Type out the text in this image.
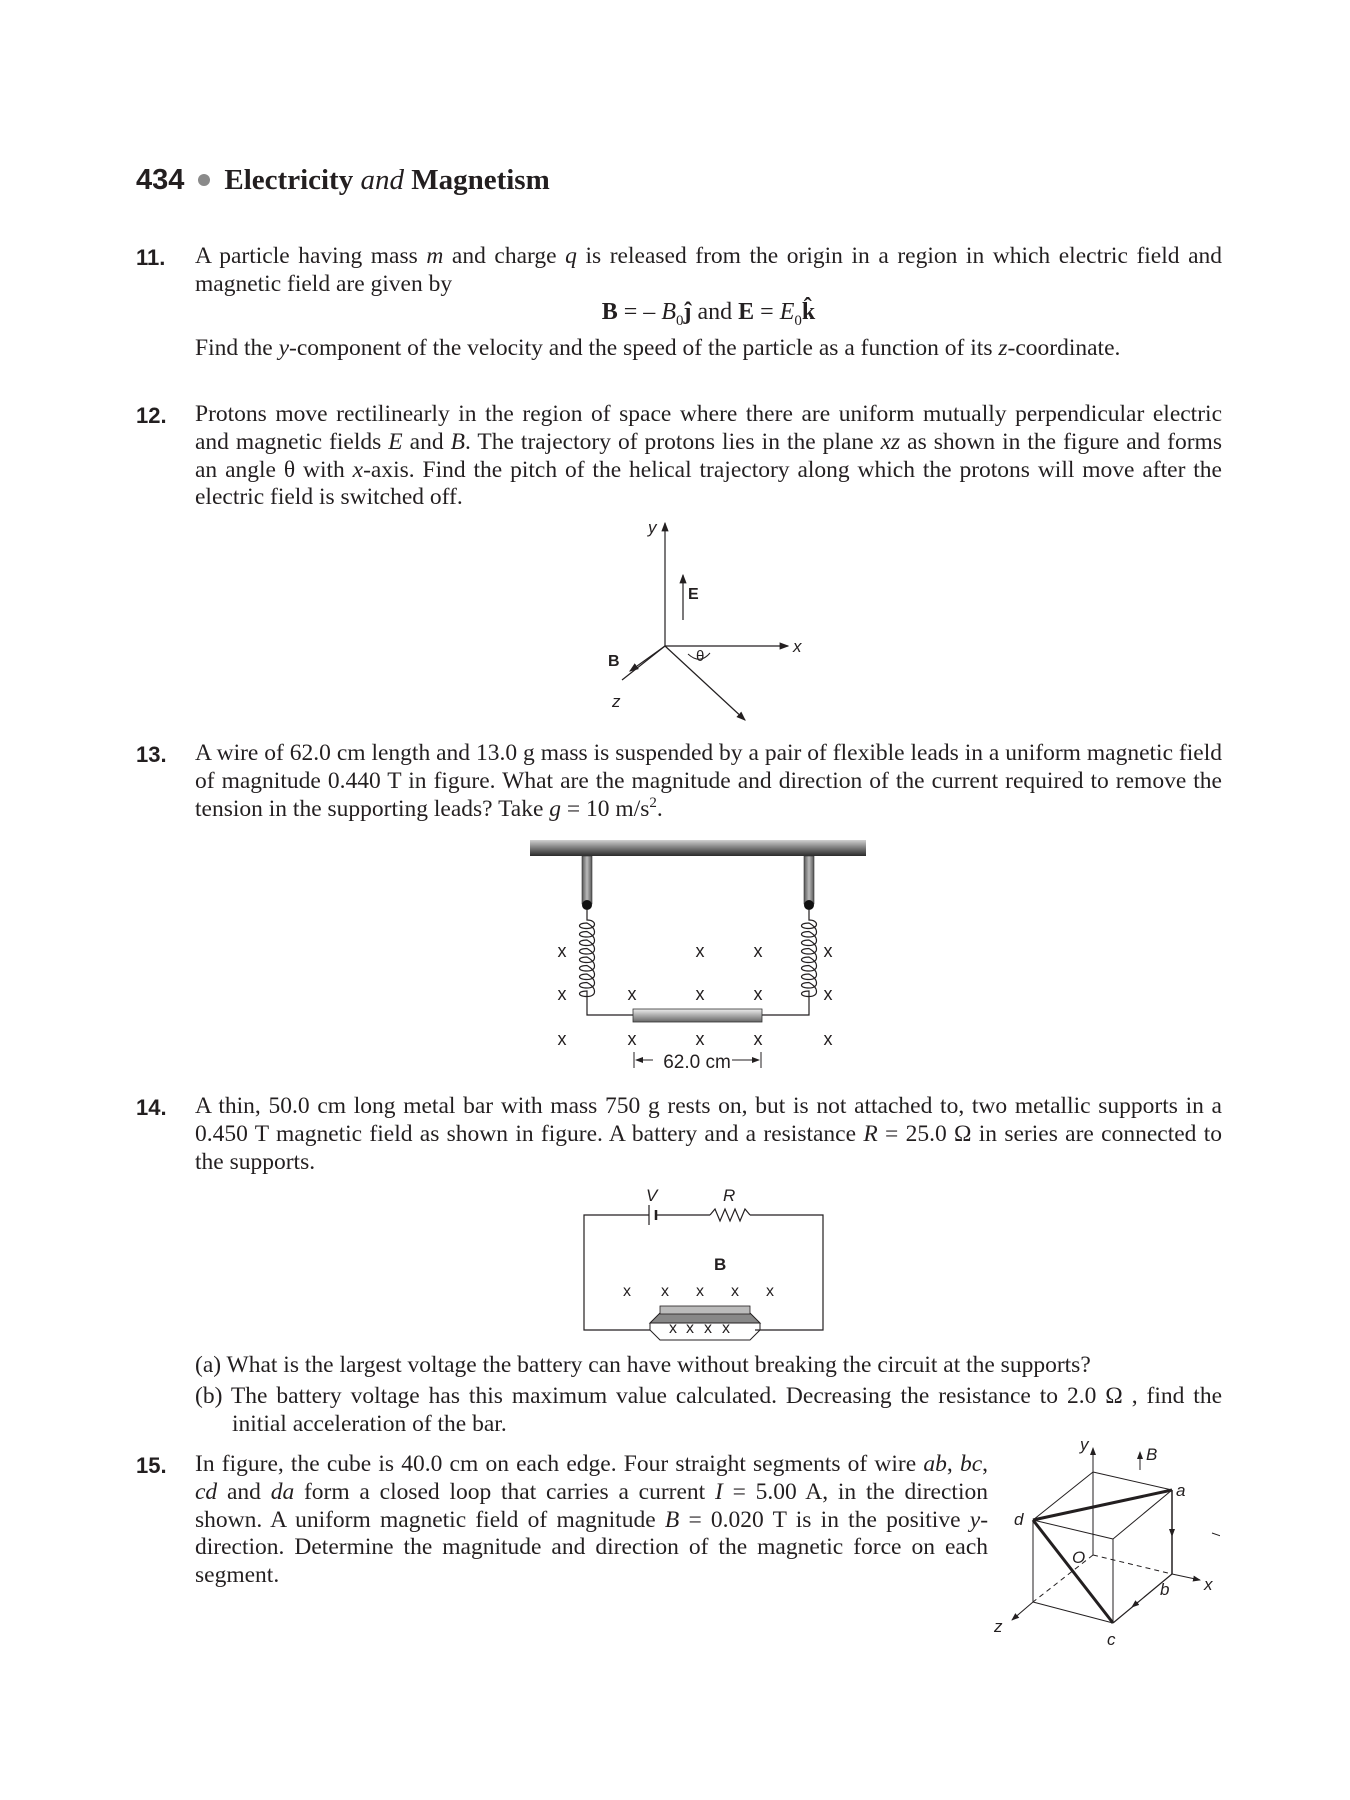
434 Electricity and Magnetism
11. A particle having mass m and charge q is released from the origin in a region in which electric field and magnetic field are given by
B = – $B_0ĵ$ and $E = E_0k̂$
Find the y-component of the velocity and the speed of the particle as a function of its z-coordinate.
12. Protons move rectilinearly in the region of space where there are uniform mutually perpendicular electric and magnetic fields E and B. The trajectory of protons lies in the plane xz as shown in the figure and forms an angle θ with x-axis. Find the pitch of the helical trajectory along which the protons will move after the electric field is switched off.
y
E
x
B	θ
z
13. A wire of 62.0 cm length and 13.0 g mass is suspended by a pair of flexible leads in a uniform magnetic field of magnitude 0.440 T in figure. What are the magnitude and direction of the current required to remove the tension in the supporting leads? Take g = 10 $m/s^2$.
x	x	x	x
x	x	x	x	x
x	x	x	x	x
62.0 cm
14. A thin, 50.0 cm long metal bar with mass 750 g rests on, but is not attached to, two metallic supports in a 0.450 T magnetic field as shown in figure. A battery and a resistance R = 25.0 Ω in series are connected to the supports.
V	R
B
x x x x x
x x x x
(a) What is the largest voltage the battery can have without breaking the circuit at the supports?
(b) The battery voltage has this maximum value calculated. Decreasing the resistance to 2.0 Ω , find the initial acceleration of the bar.
15. In figure, the cube is 40.0 cm on each edge. Four straight segments of wire ab, bc, cd and da form a closed loop that carries a current I = 5.00 A, in the direction shown. A uniform magnetic field of magnitude B = 0.020 T is in the positive y-direction. Determine the magnitude and direction of the magnetic force on each segment.
y
B
a
d
O
b
c
x
z
